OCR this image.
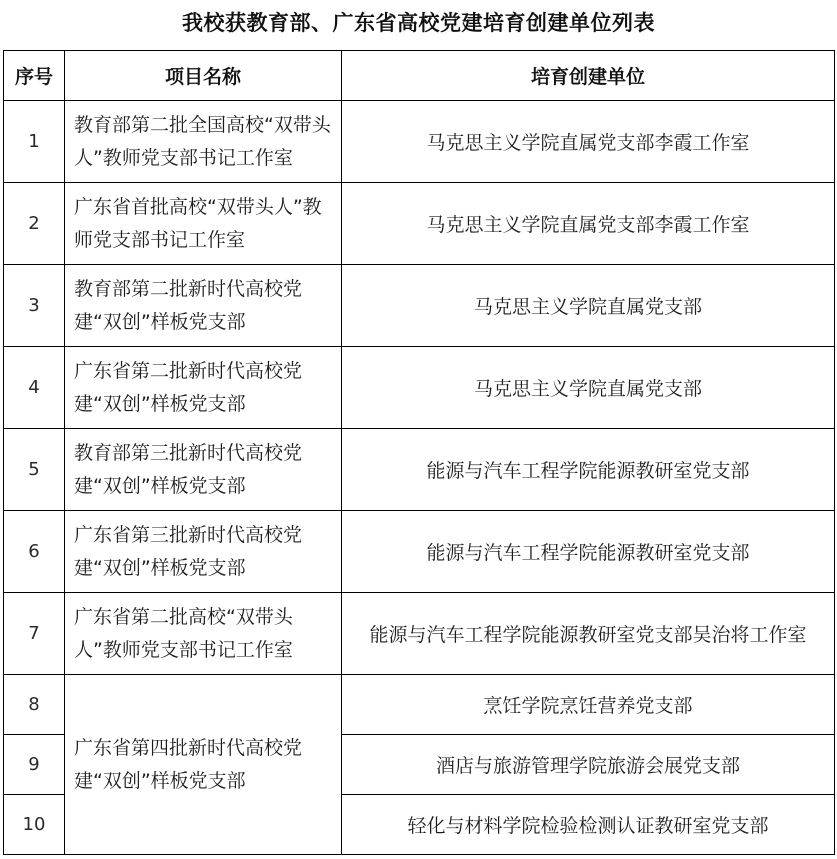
我校获教育部、广东省高校党建培育创建单位列表
序号	项目名称	培育创建单位
1	教育部第二批全国高校“双带头人”教师党支部书记工作室	马克思主义学院直属党支部李霞工作室
2	广东省首批高校“双带头人”教师党支部书记工作室	马克思主义学院直属党支部李霞工作室
3	教育部第二批新时代高校党建“双创”样板党支部	马克思主义学院直属党支部
4	广东省第二批新时代高校党建“双创”样板党支部	马克思主义学院直属党支部
5	教育部第三批新时代高校党建“双创”样板党支部	能源与汽车工程学院能源教研室党支部
6	广东省第三批新时代高校党建“双创”样板党支部	能源与汽车工程学院能源教研室党支部
7	广东省第二批高校“双带头人”教师党支部书记工作室	能源与汽车工程学院能源教研室党支部吴治将工作室
8	广东省第四批新时代高校党建“双创”样板党支部	烹饪学院烹饪营养党支部
9		酒店与旅游管理学院旅游会展党支部
10		轻化与材料学院检验检测认证教研室党支部
